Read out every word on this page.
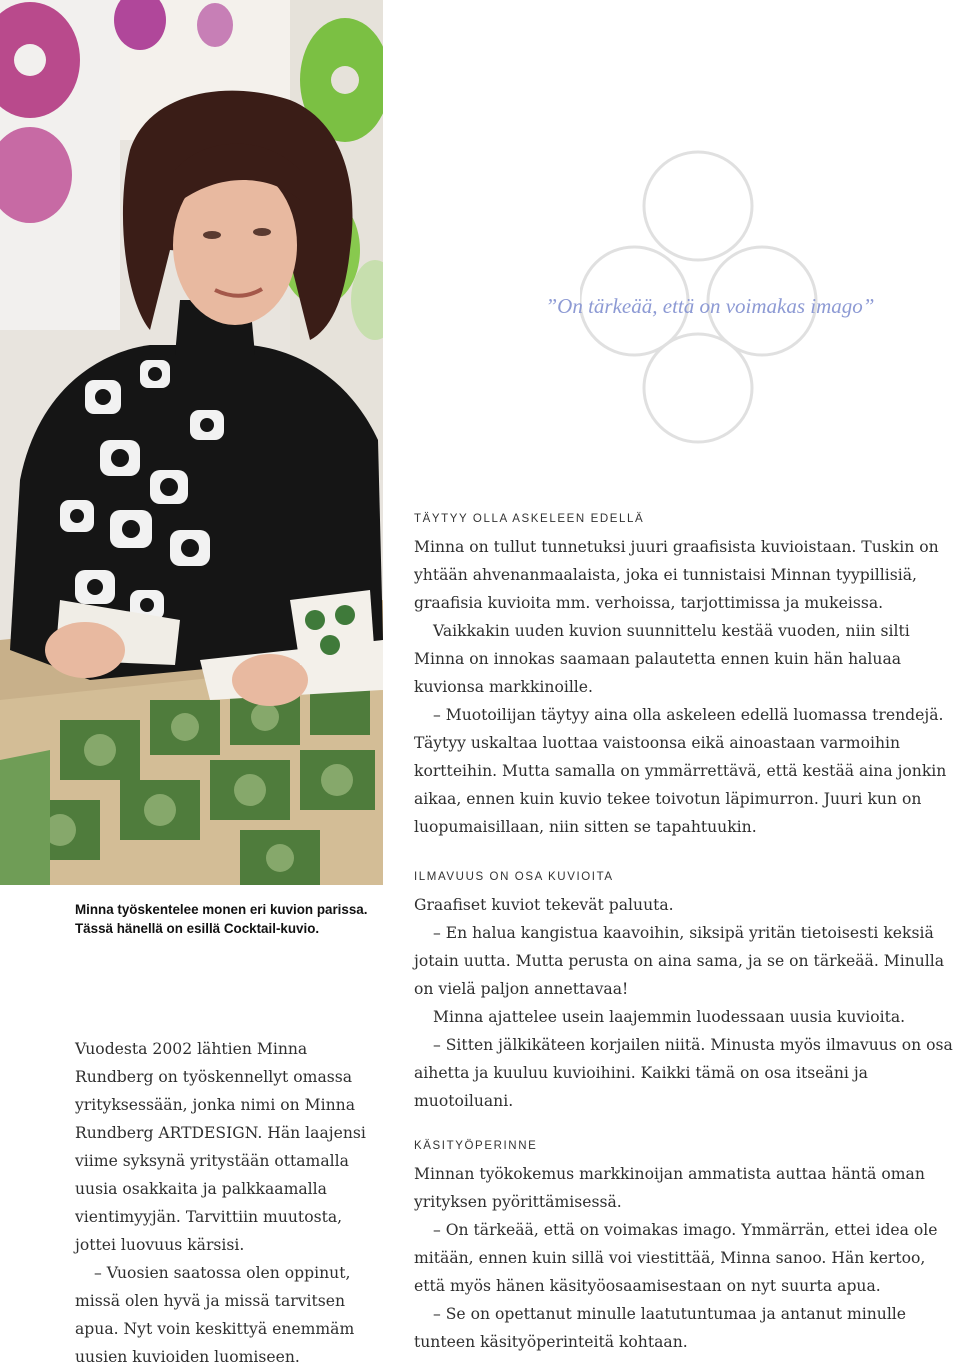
”On tärkeää, että on voimakas imago”

Minna työskentelee monen eri kuvion parissa.
Tässä hänellä on esillä Cocktail-kuvio.

Vuodesta 2002 lähtien Minna Rundberg on työskennellyt omassa yrityksessään, jonka nimi on Minna Rundberg ARTDESIGN. Hän laajensi viime syksynä yritystään ottamalla uusia osakkaita ja palkkaamalla vientimyyjän. Tarvittiin muutosta, jottei luovuus kärsisi.

– Vuosien saatossa olen oppinut, missä olen hyvä ja missä tarvitsen apua. Nyt voin keskittyä enemmäm uusien kuvioiden luomiseen.

TÄYTYY OLLA ASKELEEN EDELLÄ

Minna on tullut tunnetuksi juuri graafisista kuvioistaan. Tuskin on yhtään ahvenanmaalaista, joka ei tunnistaisi Minnan tyypillisiä, graafisia kuvioita mm. verhoissa, tarjottimissa ja mukeissa.

Vaikkakin uuden kuvion suunnittelu kestää vuoden, niin silti Minna on innokas saamaan palautetta ennen kuin hän haluaa kuvionsa markkinoille.

– Muotoilijan täytyy aina olla askeleen edellä luomassa trendejä. Täytyy uskaltaa luottaa vaistoonsa eikä ainoastaan varmoihin kortteihin. Mutta samalla on ymmärrettävä, että kestää aina jonkin aikaa, ennen kuin kuvio tekee toivotun läpimurron. Juuri kun on luopumaisillaan, niin sitten se tapahtuukin.

ILMAVUUS ON OSA KUVIOITA

Graafiset kuviot tekevät paluuta.

– En halua kangistua kaavoihin, siksipä yritän tietoisesti keksiä jotain uutta. Mutta perusta on aina sama, ja se on tärkeää. Minulla on vielä paljon annettavaa!

Minna ajattelee usein laajemmin luodessaan uusia kuvioita.

– Sitten jälkikäteen korjailen niitä. Minusta myös ilmavuus on osa aihetta ja kuuluu kuvioihini. Kaikki tämä on osa itseäni ja muotoiluani.

KÄSITYÖPERINNE

Minnan työkokemus markkinoijan ammatista auttaa häntä oman yrityksen pyörittämisessä.

– On tärkeää, että on voimakas imago. Ymmärrän, ettei idea ole mitään, ennen kuin sillä voi viestittää, Minna sanoo. Hän kertoo, että myös hänen käsityöosaamisestaan on nyt suurta apua.

– Se on opettanut minulle laatutuntumaa ja antanut minulle tunteen käsityöperinteitä kohtaan.
